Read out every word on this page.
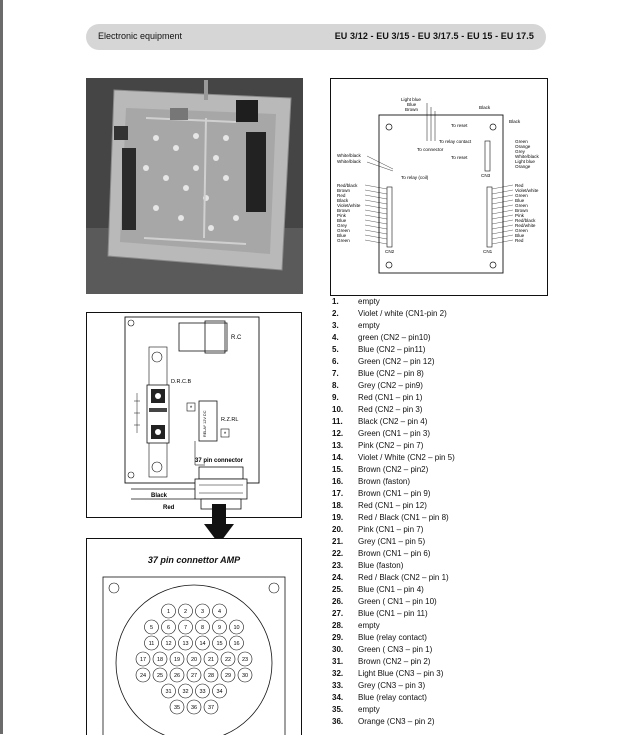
Electronic equipment	EU 3/12 - EU 3/15 - EU 3/17.5 - EU 15 - EU 17.5
Light blue
Blue
Brown	Black
Black
To reset
To reset
To connector
To relay contact
To relay (coil)
White/black
White/black
Green
Orange
Grey
White/black
Light blue
Orange
CN3
Red/black
Brown
Red
Black
Violet/white
Brown
Pink
Blue
Grey
Green
Blue
Green
CN2
Red
Violet/white
Green
Blue
Green
Brown
Pink
Red/black
Red/white
Green
Blue
Red
CN1
R.C
D.R.C.B
RELAY 12V DC
*
*
R.Z.RL
37 pin connector
Black
Red
37 pin connettor AMP
1	2	3	4
5	6	7	8	9 10
11 12 13 14 15 16
17 18 19 20 21 22 23
24 25 26 27 28 29 30
31 32 33 34
35 36 37
1.	empty
2.	Violet / white (CN1-pin 2)
3.	empty
4.	green (CN2 – pin10)
5.	Blue (CN2 – pin11)
6.	Green (CN2 – pin 12)
7.	Blue (CN2 – pin 8)
8.	Grey (CN2 – pin9)
9.	Red (CN1 – pin 1)
10.	Red (CN2 – pin 3)
11.	Black (CN2 – pin 4)
12.	Green (CN1 – pin 3)
13.	Pink (CN2 – pin 7)
14.	Violet / White (CN2 – pin 5)
15.	Brown (CN2 – pin2)
16.	Brown (faston)
17.	Brown (CN1 – pin 9)
18.	Red (CN1 – pin 12)
19.	Red / Black (CN1 – pin 8)
20.	Pink (CN1 – pin 7)
21.	Grey (CN1 – pin 5)
22.	Brown (CN1 – pin 6)
23.	Blue (faston)
24.	Red / Black (CN2 – pin 1)
25.	Blue (CN1 – pin 4)
26.	Green ( CN1 – pin 10)
27.	Blue (CN1 – pin 11)
28.	empty
29.	Blue (relay contact)
30.	Green ( CN3 – pin 1)
31.	Brown (CN2 – pin 2)
32.	Light Blue (CN3 – pin 3)
33.	Grey (CN3 – pin 3)
34.	Blue (relay contact)
35.	empty
36.	Orange (CN3 – pin 2)
